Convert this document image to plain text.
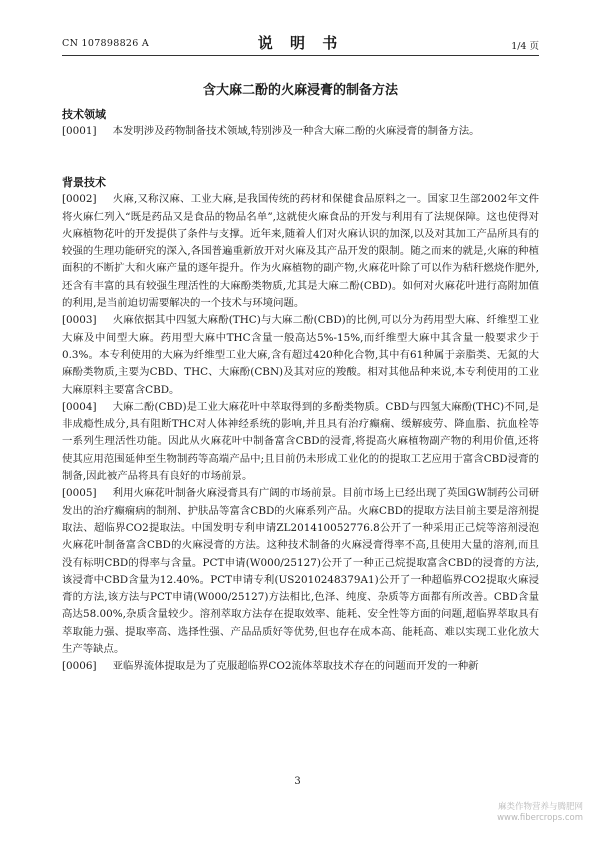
CN 107898826 A	说 明 书	1/4 页
含大麻二酚的火麻浸膏的制备方法

技术领域

[0001] 本发明涉及药物制备技术领域,特别涉及一种含大麻二酚的火麻浸膏的制备方法。

背景技术

[0002] 火麻,又称汉麻、工业大麻,是我国传统的药材和保健食品原料之一。国家卫生部2002年文件将火麻仁列入“既是药品又是食品的物品名单”,这就使火麻食品的开发与利用有了法规保障。这也使得对火麻植物花叶的开发提供了条件与支撑。近年来,随着人们对火麻认识的加深,以及对其加工产品所具有的较强的生理功能研究的深入,各国普遍重新放开对火麻及其产品开发的限制。随之而来的就是,火麻的种植面积的不断扩大和火麻产量的逐年提升。作为火麻植物的副产物,火麻花叶除了可以作为秸秆燃烧作肥外,还含有丰富的具有较强生理活性的大麻酚类物质,尤其是大麻二酚(CBD)。如何对火麻花叶进行高附加值的利用,是当前迫切需要解决的一个技术与环境问题。

[0003] 火麻依据其中四氢大麻酚(THC)与大麻二酚(CBD)的比例,可以分为药用型大麻、纤维型工业大麻及中间型大麻。药用型大麻中THC含量一般高达5%-15%,而纤维型大麻中其含量一般要求少于0.3%。本专利使用的大麻为纤维型工业大麻,含有超过420种化合物,其中有61种属于亲脂类、无氮的大麻酚类物质,主要为CBD、THC、大麻酚(CBN)及其对应的羧酸。相对其他品种来说,本专利使用的工业大麻原料主要富含CBD。

[0004] 大麻二酚(CBD)是工业大麻花叶中萃取得到的多酚类物质。CBD与四氢大麻酚(THC)不同,是非成瘾性成分,具有阻断THC对人体神经系统的影响,并且具有治疗癫痫、缓解疲劳、降血脂、抗血栓等一系列生理活性功能。因此从火麻花叶中制备富含CBD的浸膏,将提高火麻植物副产物的利用价值,还将使其应用范围延伸至生物制药等高端产品中;且目前仍未形成工业化的的提取工艺应用于富含CBD浸膏的制备,因此被产品将具有良好的市场前景。

[0005] 利用火麻花叶制备火麻浸膏具有广阔的市场前景。目前市场上已经出现了英国GW制药公司研发出的治疗癫痫病的制剂、护肤品等富含CBD的火麻系列产品。火麻CBD的提取方法目前主要是溶剂提取法、超临界CO2提取法。中国发明专利申请ZL201410052776.8公开了一种采用正己烷等溶剂浸泡火麻花叶制备富含CBD的火麻浸膏的方法。这种技术制备的火麻浸膏得率不高,且使用大量的溶剂,而且没有标明CBD的得率与含量。PCT申请(W000/25127)公开了一种正己烷提取富含CBD的浸膏的方法,该浸膏中CBD含量为12.40%。PCT申请专利(US2010248379A1)公开了一种超临界CO2提取火麻浸膏的方法,该方法与PCT申请(W000/25127)方法相比,色泽、纯度、杂质等方面都有所改善。CBD含量高达58.00%,杂质含量较少。溶剂萃取方法存在提取效率、能耗、安全性等方面的问题,超临界萃取具有萃取能力强、提取率高、选择性强、产品品质好等优势,但也存在成本高、能耗高、难以实现工业化放大生产等缺点。

[0006] 亚临界流体提取是为了克服超临界CO2流体萃取技术存在的问题而开发的一种新

3
麻类作物营养与腾肥网
www.fibercrops.com
